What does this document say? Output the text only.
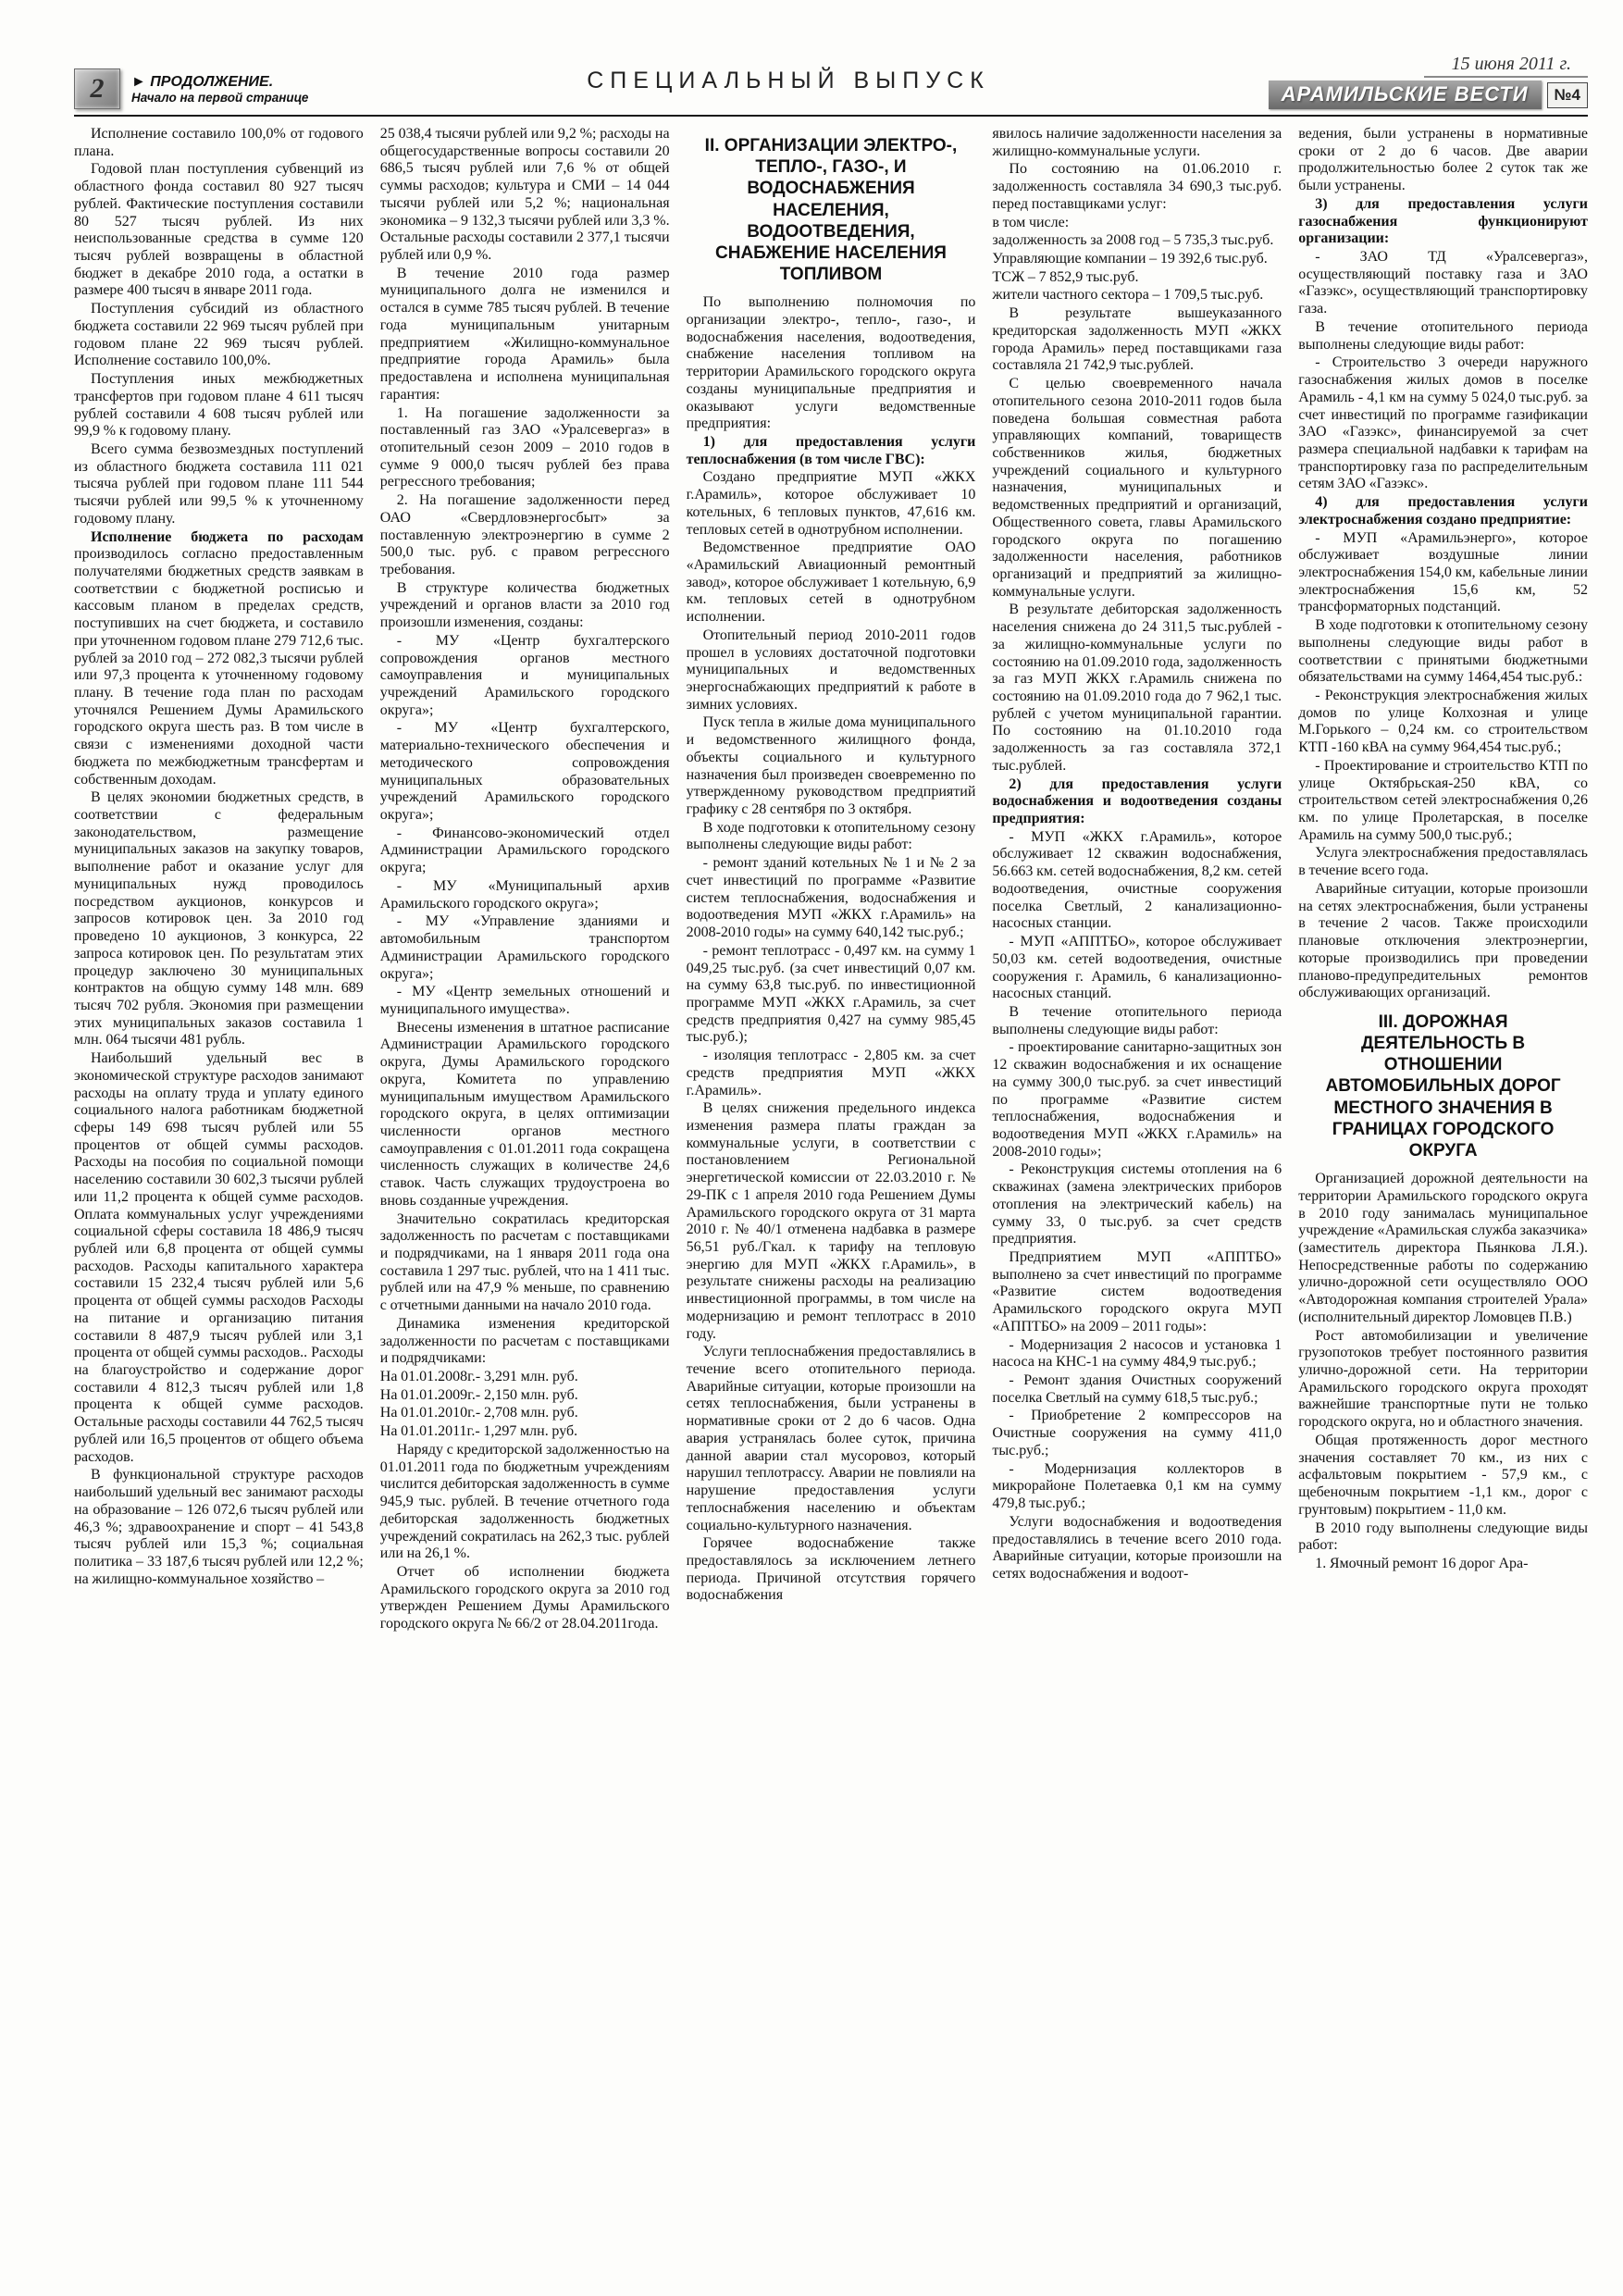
2	► ПРОДОЛЖЕНИЕ.
Начало на первой странице
СПЕЦИАЛЬНЫЙ ВЫПУСК
15 июня 2011 г.
АРАМИЛЬСКИЕ ВЕСТИ	№4

Исполнение составило 100,0% от годового плана.

Годовой план поступления субвенций из областного фонда составил 80 927 тысяч рублей. Фактические поступления составили 80 527 тысяч рублей. Из них неиспользованные средства в сумме 120 тысяч рублей возвращены в областной бюджет в декабре 2010 года, а остатки в размере 400 тысяч в январе 2011 года.

Поступления субсидий из областного бюджета составили 22 969 тысяч рублей при годовом плане 22 969 тысяч рублей. Исполнение составило 100,0%.

Поступления иных межбюджетных трансфертов при годовом плане 4 611 тысяч рублей составили 4 608 тысяч рублей или 99,9 % к годовому плану.

Всего сумма безвозмездных поступлений из областного бюджета составила 111 021 тысяча рублей при годовом плане 111 544 тысячи рублей или 99,5 % к уточненному годовому плану.

Исполнение бюджета по расходам производилось согласно предоставленным получателями бюджетных средств заявкам в соответствии с бюджетной росписью и кассовым планом в пределах средств, поступивших на счет бюджета, и составило при уточненном годовом плане 279 712,6 тыс. рублей за 2010 год – 272 082,3 тысячи рублей или 97,3 процента к уточненному годовому плану. В течение года план по расходам уточнялся Решением Думы Арамильского городского округа шесть раз. В том числе в связи с изменениями доходной части бюджета по межбюджетным трансфертам и собственным доходам.

В целях экономии бюджетных средств, в соответствии с федеральным законодательством, размещение муниципальных заказов на закупку товаров, выполнение работ и оказание услуг для муниципальных нужд проводилось посредством аукционов, конкурсов и запросов котировок цен. За 2010 год проведено 10 аукционов, 3 конкурса, 22 запроса котировок цен. По результатам этих процедур заключено 30 муниципальных контрактов на общую сумму 148 млн. 689 тысяч 702 рубля. Экономия при размещении этих муниципальных заказов составила 1 млн. 064 тысячи 481 рубль.

Наибольший удельный вес в экономической структуре расходов занимают расходы на оплату труда и уплату единого социального налога работникам бюджетной сферы 149 698 тысяч рублей или 55 процентов от общей суммы расходов. Расходы на пособия по социальной помощи населению составили 30 602,3 тысячи рублей или 11,2 процента к общей сумме расходов. Оплата коммунальных услуг учреждениями социальной сферы составила 18 486,9 тысяч рублей или 6,8 процента от общей суммы расходов. Расходы капитального характера составили 15 232,4 тысяч рублей или 5,6 процента от общей суммы расходов Расходы на питание и организацию питания составили 8 487,9 тысяч рублей или 3,1 процента от общей суммы расходов.. Расходы на благоустройство и содержание дорог составили 4 812,3 тысяч рублей или 1,8 процента к общей сумме расходов. Остальные расходы составили 44 762,5 тысяч рублей или 16,5 процентов от общего объема расходов.

В функциональной структуре расходов наибольший удельный вес занимают расходы на образование – 126 072,6 тысяч рублей или 46,3 %; здравоохранение и спорт – 41 543,8 тысяч рублей или 15,3 %; социальная политика – 33 187,6 тысяч рублей или 12,2 %; на жилищно-коммунальное хозяйство –

25 038,4 тысячи рублей или 9,2 %; расходы на общегосударственные вопросы составили 20 686,5 тысяч рублей или 7,6 % от общей суммы расходов; культура и СМИ – 14 044 тысячи рублей или 5,2 %; национальная экономика – 9 132,3 тысячи рублей или 3,3 %. Остальные расходы составили 2 377,1 тысячи рублей или 0,9 %.

В течение 2010 года размер муниципального долга не изменился и остался в сумме 785 тысяч рублей. В течение года муниципальным унитарным предприятием «Жилищно-коммунальное предприятие города Арамиль» была предоставлена и исполнена муниципальная гарантия:

1. На погашение задолженности за поставленный газ ЗАО «Уралсевергаз» в отопительный сезон 2009 – 2010 годов в сумме 9 000,0 тысяч рублей без права регрессного требования;

2. На погашение задолженности перед ОАО «Свердловэнергосбыт» за поставленную электроэнергию в сумме 2 500,0 тыс. руб. с правом регрессного требования.

В структуре количества бюджетных учреждений и органов власти за 2010 год произошли изменения, созданы:

- МУ «Центр бухгалтерского сопровождения органов местного самоуправления и муниципальных учреждений Арамильского городского округа»;

- МУ «Центр бухгалтерского, материально-технического обеспечения и методического сопровождения муниципальных образовательных учреждений Арамильского городского округа»;

- Финансово-экономический отдел Администрации Арамильского городского округа;

- МУ «Муниципальный архив Арамильского городского округа»;

- МУ «Управление зданиями и автомобильным транспортом Администрации Арамильского городского округа»;

- МУ «Центр земельных отношений и муниципального имущества».

Внесены изменения в штатное расписание Администрации Арамильского городского округа, Думы Арамильского городского округа, Комитета по управлению муниципальным имуществом Арамильского городского округа, в целях оптимизации численности органов местного самоуправления с 01.01.2011 года сокращена численность служащих в количестве 24,6 ставок. Часть служащих трудоустроена во вновь созданные учреждения.

Значительно сократилась кредиторская задолженность по расчетам с поставщиками и подрядчиками, на 1 января 2011 года она составила 1 297 тыс. рублей, что на 1 411 тыс. рублей или на 47,9 % меньше, по сравнению с отчетными данными на начало 2010 года.

Динамика изменения кредиторской задолженности по расчетам с поставщиками и подрядчиками:

На 01.01.2008г.- 3,291 млн. руб.

На 01.01.2009г.- 2,150 млн. руб.

На 01.01.2010г.- 2,708 млн. руб.

На 01.01.2011г.- 1,297 млн. руб.

Наряду с кредиторской задолженностью на 01.01.2011 года по бюджетным учреждениям числится дебиторская задолженность в сумме 945,9 тыс. рублей. В течение отчетного года дебиторская задолженность бюджетных учреждений сократилась на 262,3 тыс. рублей или на 26,1 %.

Отчет об исполнении бюджета Арамильского городского округа за 2010 год утвержден Решением Думы Арамильского городского округа № 66/2 от 28.04.2011года.

II. ОРГАНИЗАЦИИ ЭЛЕКТРО-, ТЕПЛО-, ГАЗО-, И ВОДОСНАБЖЕНИЯ НАСЕЛЕНИЯ, ВОДООТВЕДЕНИЯ, СНАБЖЕНИЕ НАСЕЛЕНИЯ ТОПЛИВОМ

По выполнению полномочия по организации электро-, тепло-, газо-, и водоснабжения населения, водоотведения, снабжение населения топливом на территории Арамильского городского округа созданы муниципальные предприятия и оказывают услуги ведомственные предприятия:

1) для предоставления услуги теплоснабжения (в том числе ГВС):

Создано предприятие МУП «ЖКХ г.Арамиль», которое обслуживает 10 котельных, 6 тепловых пунктов, 47,616 км. тепловых сетей в однотрубном исполнении.

Ведомственное предприятие ОАО «Арамильский Авиационный ремонтный завод», которое обслуживает 1 котельную, 6,9 км. тепловых сетей в однотрубном исполнении.

Отопительный период 2010-2011 годов прошел в условиях достаточной подготовки муниципальных и ведомственных энергоснабжающих предприятий к работе в зимних условиях.

Пуск тепла в жилые дома муниципального и ведомственного жилищного фонда, объекты социального и культурного назначения был произведен своевременно по утвержденному руководством предприятий графику с 28 сентября по 3 октября.

В ходе подготовки к отопительному сезону выполнены следующие виды работ:

- ремонт зданий котельных № 1 и № 2 за счет инвестиций по программе «Развитие систем теплоснабжения, водоснабжения и водоотведения МУП «ЖКХ г.Арамиль» на 2008-2010 годы» на сумму 640,142 тыс.руб.;

- ремонт теплотрасс - 0,497 км. на сумму 1 049,25 тыс.руб. (за счет инвестиций 0,07 км. на сумму 63,8 тыс.руб. по инвестиционной программе МУП «ЖКХ г.Арамиль, за счет средств предприятия 0,427 на сумму 985,45 тыс.руб.);

- изоляция теплотрасс - 2,805 км. за счет средств предприятия МУП «ЖКХ г.Арамиль».

В целях снижения предельного индекса изменения размера платы граждан за коммунальные услуги, в соответствии с постановлением Региональной энергетической комиссии от 22.03.2010 г. № 29-ПК с 1 апреля 2010 года Решением Думы Арамильского городского округа от 31 марта 2010 г. № 40/1 отменена надбавка в размере 56,51 руб./Гкал. к тарифу на тепловую энергию для МУП «ЖКХ г.Арамиль», в результате снижены расходы на реализацию инвестиционной программы, в том числе на модернизацию и ремонт теплотрасс в 2010 году.

Услуги теплоснабжения предоставлялись в течение всего отопительного периода. Аварийные ситуации, которые произошли на сетях теплоснабжения, были устранены в нормативные сроки от 2 до 6 часов. Одна авария устранялась более суток, причина данной аварии стал мусоровоз, который нарушил теплотрассу. Аварии не повлияли на нарушение предоставления услуги теплоснабжения населению и объектам социально-культурного назначения.

Горячее водоснабжение также предоставлялось за исключением летнего периода. Причиной отсутствия горячего водоснабжения

явилось наличие задолженности населения за жилищно-коммунальные услуги.

По состоянию на 01.06.2010 г. задолженность составляла 34 690,3 тыс.руб. перед поставщиками услуг:

в том числе:

задолженность за 2008 год – 5 735,3 тыс.руб.

Управляющие компании – 19 392,6 тыс.руб.

ТСЖ – 7 852,9 тыс.руб.

жители частного сектора – 1 709,5 тыс.руб.

В результате вышеуказанного кредиторская задолженность МУП «ЖКХ города Арамиль» перед поставщиками газа составляла 21 742,9 тыс.рублей.

С целью своевременного начала отопительного сезона 2010-2011 годов была поведена большая совместная работа управляющих компаний, товариществ собственников жилья, бюджетных учреждений социального и культурного назначения, муниципальных и ведомственных предприятий и организаций, Общественного совета, главы Арамильского городского округа по погашению задолженности населения, работников организаций и предприятий за жилищно-коммунальные услуги.

В результате дебиторская задолженность населения снижена до 24 311,5 тыс.рублей - за жилищно-коммунальные услуги по состоянию на 01.09.2010 года, задолженность за газ МУП ЖКХ г.Арамиль снижена по состоянию на 01.09.2010 года до 7 962,1 тыс. рублей с учетом муниципальной гарантии. По состоянию на 01.10.2010 года задолженность за газ составляла 372,1 тыс.рублей.

2) для предоставления услуги водоснабжения и водоотведения созданы предприятия:

- МУП «ЖКХ г.Арамиль», которое обслуживает 12 скважин водоснабжения, 56.663 км. сетей водоснабжения, 8,2 км. сетей водоотведения, очистные сооружения поселка Светлый, 2 канализационно-насосных станции.

- МУП «АППТБО», которое обслуживает 50,03 км. сетей водоотведения, очистные сооружения г. Арамиль, 6 канализационно-насосных станций.

В течение отопительного периода выполнены следующие виды работ:

- проектирование санитарно-защитных зон 12 скважин водоснабжения и их оснащение на сумму 300,0 тыс.руб. за счет инвестиций по программе «Развитие систем теплоснабжения, водоснабжения и водоотведения МУП «ЖКХ г.Арамиль» на 2008-2010 годы»;

- Реконструкция системы отопления на 6 скважинах (замена электрических приборов отопления на электрический кабель) на сумму 33, 0 тыс.руб. за счет средств предприятия.

Предприятием МУП «АППТБО» выполнено за счет инвестиций по программе «Развитие систем водоотведения Арамильского городского округа МУП «АППТБО» на 2009 – 2011 годы»:

- Модернизация 2 насосов и установка 1 насоса на КНС-1 на сумму 484,9 тыс.руб.;

- Ремонт здания Очистных сооружений поселка Светлый на сумму 618,5 тыс.руб.;

- Приобретение 2 компрессоров на Очистные сооружения на сумму 411,0 тыс.руб.;

- Модернизация коллекторов в микрорайоне Полетаевка 0,1 км на сумму 479,8 тыс.руб.;

Услуги водоснабжения и водоотведения предоставлялись в течение всего 2010 года. Аварийные ситуации, которые произошли на сетях водоснабжения и водоот-

ведения, были устранены в нормативные сроки от 2 до 6 часов. Две аварии продолжительностью более 2 суток так же были устранены.

3) для предоставления услуги газоснабжения функционируют организации:

- ЗАО ТД «Уралсевергаз», осуществляющий поставку газа и ЗАО «Газэкс», осуществляющий транспортировку газа.

В течение отопительного периода выполнены следующие виды работ:

- Строительство 3 очереди наружного газоснабжения жилых домов в поселке Арамиль - 4,1 км на сумму 5 024,0 тыс.руб. за счет инвестиций по программе газификации ЗАО «Газэкс», финансируемой за счет размера специальной надбавки к тарифам на транспортировку газа по распределительным сетям ЗАО «Газэкс».

4) для предоставления услуги электроснабжения создано предприятие:

- МУП «Арамильэнерго», которое обслуживает воздушные линии электроснабжения 154,0 км, кабельные линии электроснабжения 15,6 км, 52 трансформаторных подстанций.

В ходе подготовки к отопительному сезону выполнены следующие виды работ в соответствии с принятыми бюджетными обязательствами на сумму 1464,454 тыс.руб.:

- Реконструкция электроснабжения жилых домов по улице Колхозная и улице М.Горького – 0,24 км. со строительством КТП -160 кВА на сумму 964,454 тыс.руб.;

- Проектирование и строительство КТП по улице Октябрьская-250 кВА, со строительством сетей электроснабжения 0,26 км. по улице Пролетарская, в поселке Арамиль на сумму 500,0 тыс.руб.;

Услуга электроснабжения предоставлялась в течение всего года.

Аварийные ситуации, которые произошли на сетях электроснабжения, были устранены в течение 2 часов. Также происходили плановые отключения электроэнергии, которые производились при проведении планово-предупредительных ремонтов обслуживающих организаций.

III. ДОРОЖНАЯ ДЕЯТЕЛЬНОСТЬ В ОТНОШЕНИИ АВТОМОБИЛЬНЫХ ДОРОГ МЕСТНОГО ЗНАЧЕНИЯ В ГРАНИЦАХ ГОРОДСКОГО ОКРУГА

Организацией дорожной деятельности на территории Арамильского городского округа в 2010 году занималась муниципальное учреждение «Арамильская служба заказчика» (заместитель директора Пьянкова Л.Я.). Непосредственные работы по содержанию улично-дорожной сети осуществляло ООО «Автодорожная компания строителей Урала» (исполнительный директор Ломовцев П.В.)

Рост автомобилизации и увеличение грузопотоков требует постоянного развития улично-дорожной сети. На территории Арамильского городского округа проходят важнейшие транспортные пути не только городского округа, но и областного значения.

Общая протяженность дорог местного значения составляет 70 км., из них с асфальтовым покрытием - 57,9 км., с щебеночным покрытием -1,1 км., дорог с грунтовым) покрытием - 11,0 км.

В 2010 году выполнены следующие виды работ:

1. Ямочный ремонт 16 дорог Ара-
